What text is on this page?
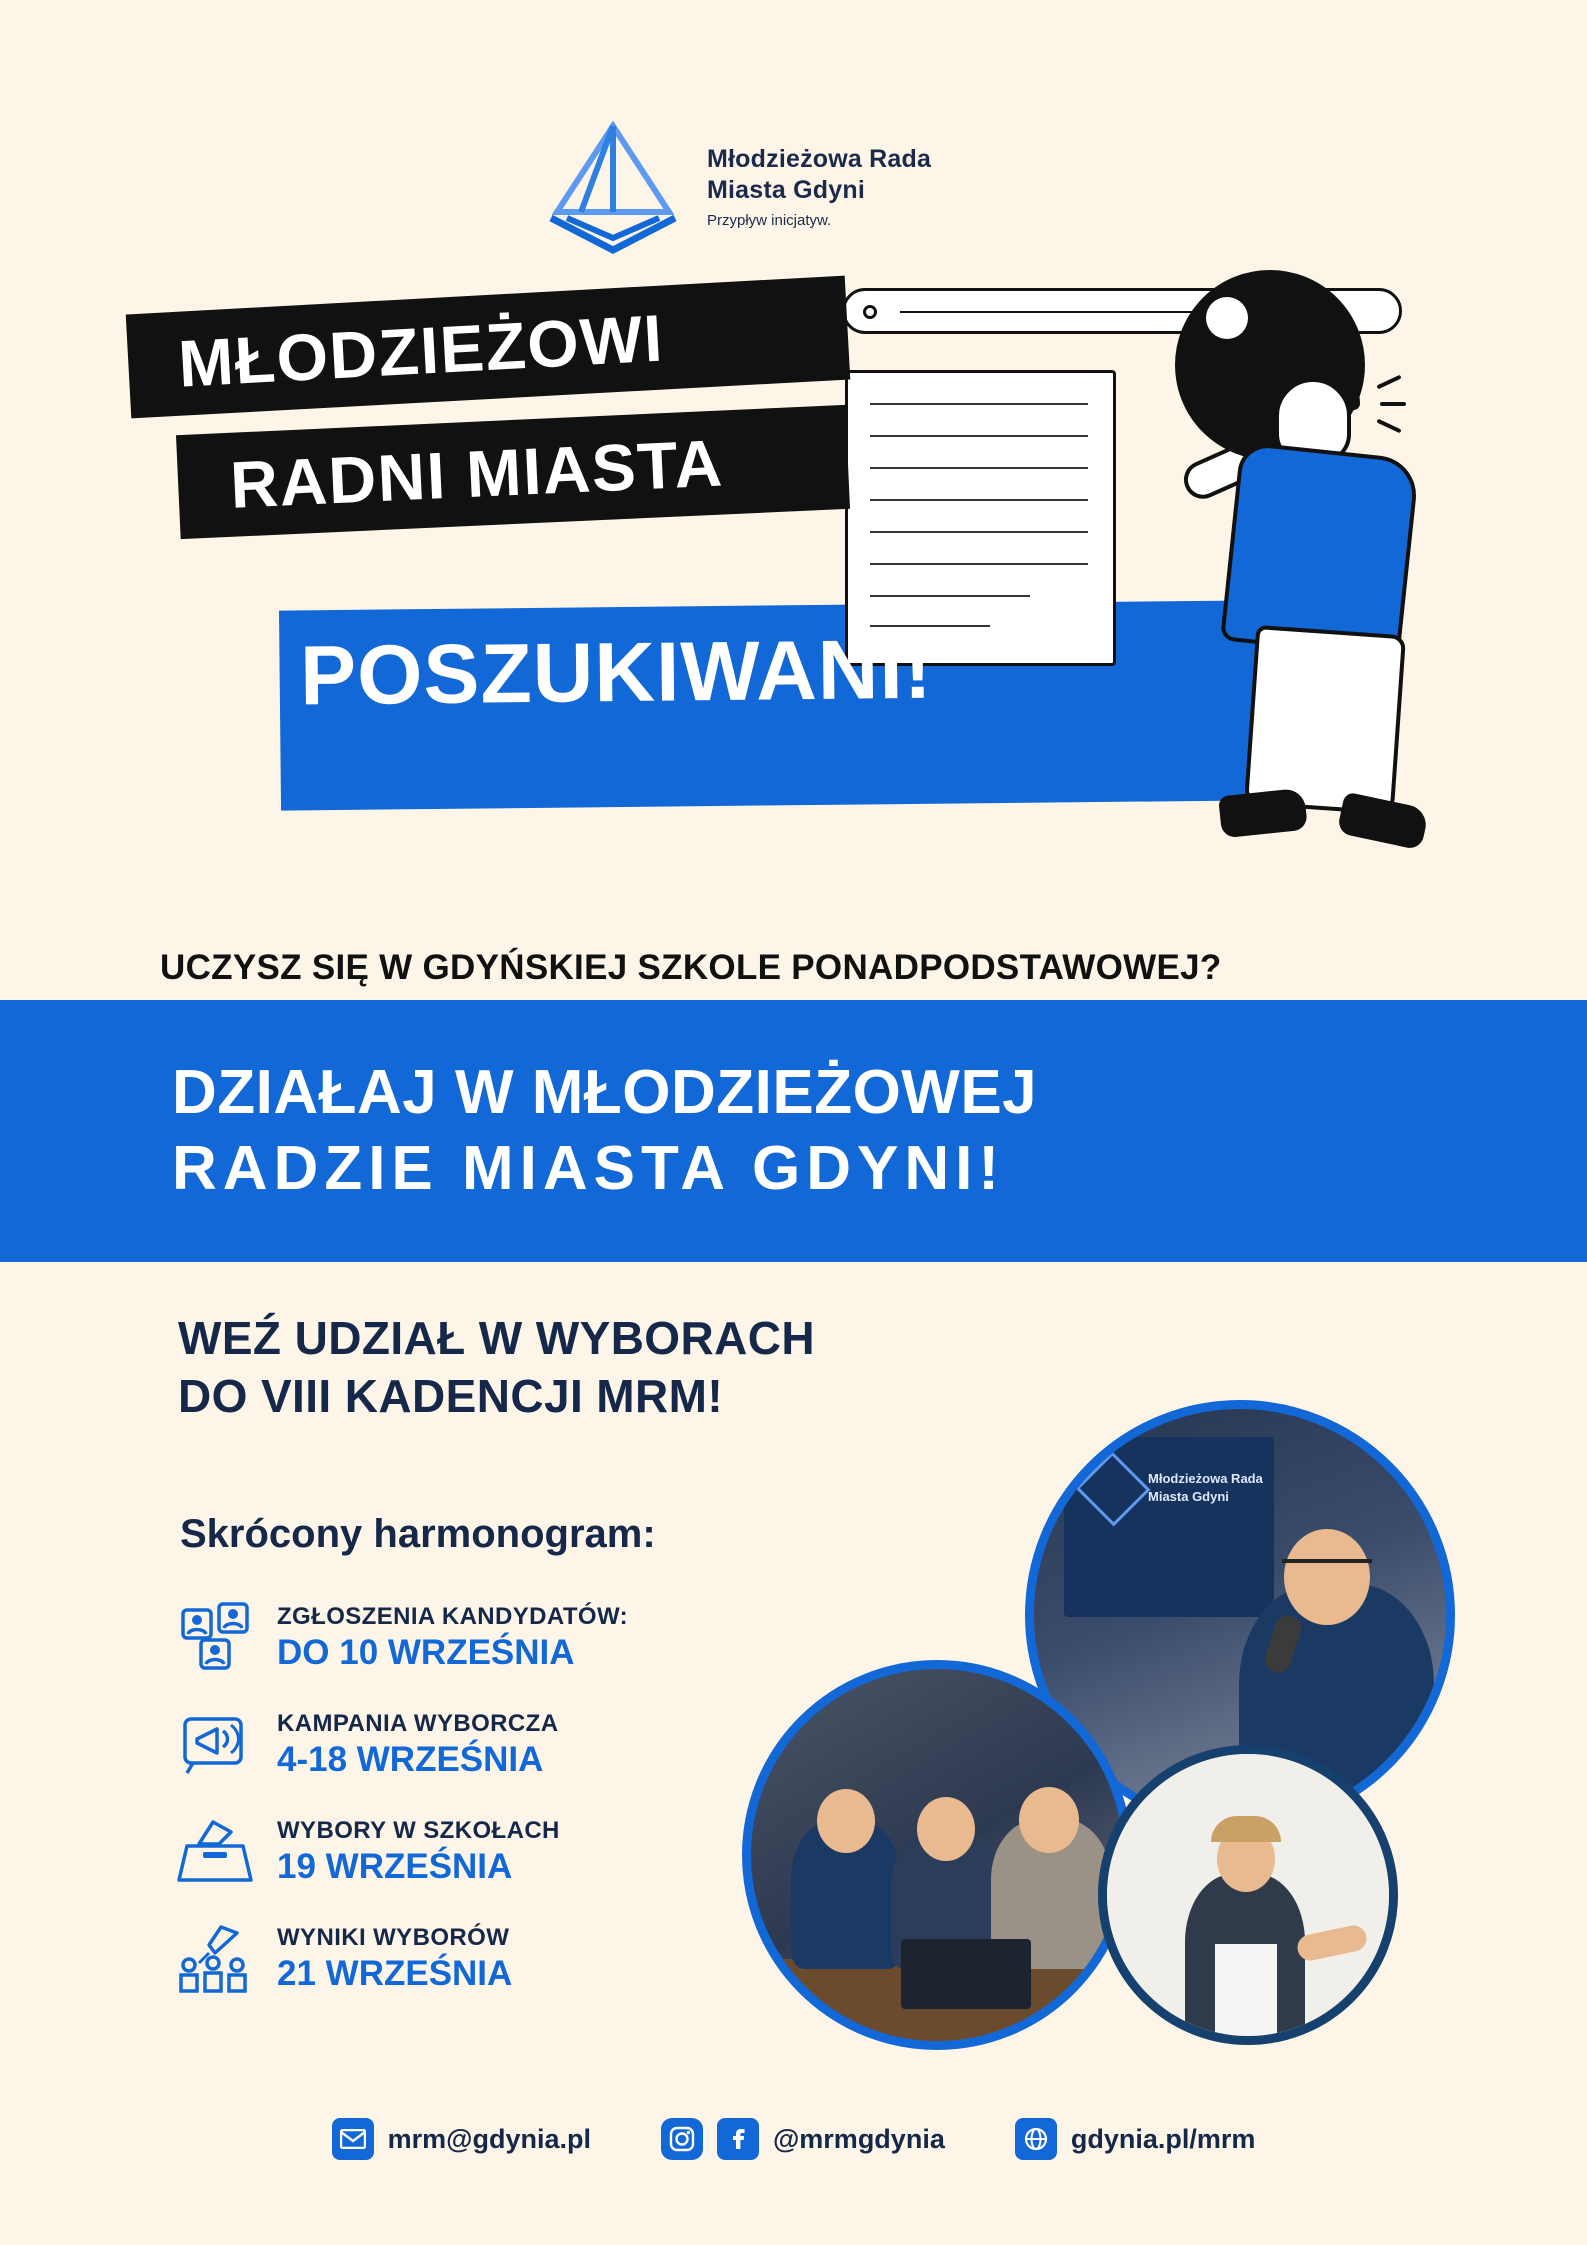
Młodzieżowa Rada
Miasta Gdyni
Przypływ inicjatyw.
MŁODZIEŻOWI
RADNI MIASTA
POSZUKIWANI!
UCZYSZ SIĘ W GDYŃSKIEJ SZKOLE PONADPODSTAWOWEJ?
DZIAŁAJ W MŁODZIEŻOWEJ
RADZIE MIASTA GDYNI!
WEŹ UDZIAŁ W WYBORACH
DO VIII KADENCJI MRM!
Skrócony harmonogram:
ZGŁOSZENIA KANDYDATÓW:
DO 10 WRZEŚNIA
KAMPANIA WYBORCZA
4-18 WRZEŚNIA
WYBORY W SZKOŁACH
19 WRZEŚNIA
WYNIKI WYBORÓW
21 WRZEŚNIA
Młodzieżowa Rada
Miasta Gdyni
mrm@gdynia.pl	@mrmgdynia	gdynia.pl/mrm
